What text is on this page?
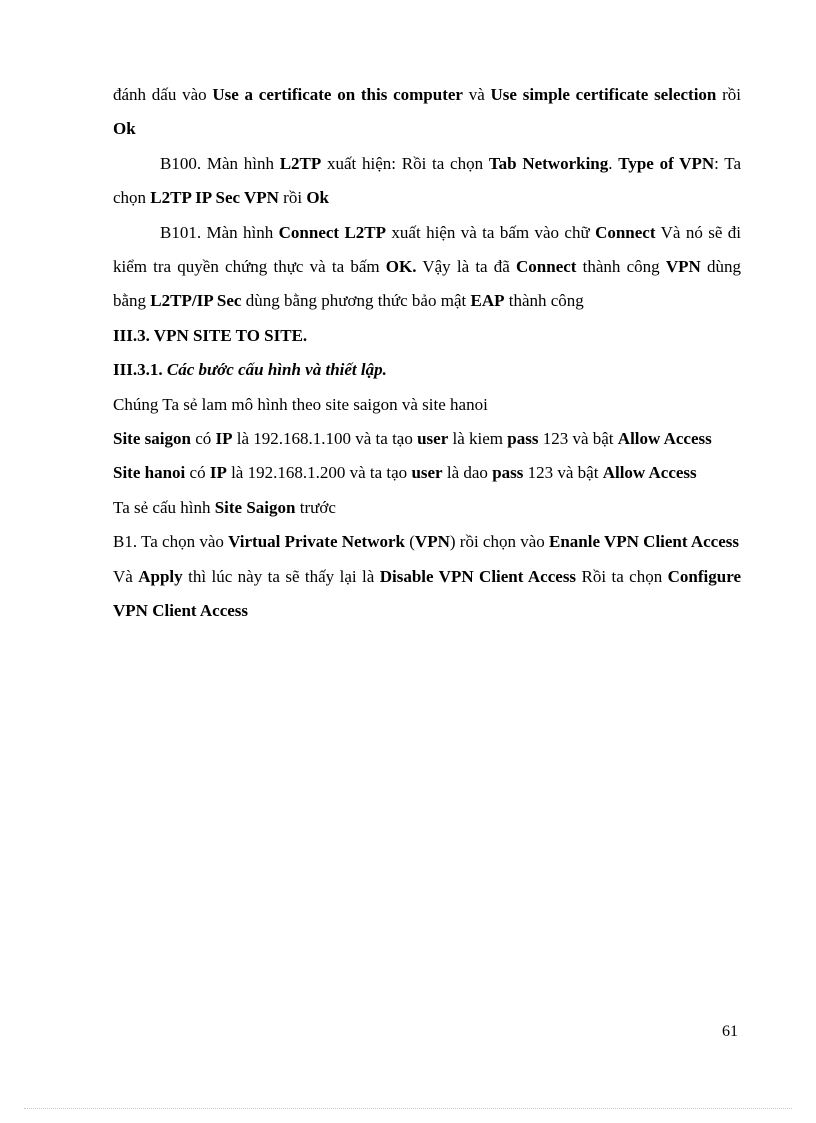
đánh dấu vào Use a certificate on this computer và Use simple certificate selection rồi Ok

B100. Màn hình L2TP xuất hiện: Rồi ta chọn Tab Networking. Type of VPN: Ta chọn L2TP IP Sec VPN rồi Ok

B101. Màn hình Connect L2TP xuất hiện và ta bấm vào chữ Connect Và nó sẽ đi kiểm tra quyền chứng thực và ta bấm OK. Vậy là ta đã Connect thành công VPN dùng bằng L2TP/IP Sec dùng bằng phương thức bảo mật EAP thành công

III.3. VPN SITE TO SITE.

III.3.1. Các bước cấu hình và thiết lập.

Chúng Ta sẻ lam mô hình theo site saigon và site hanoi

Site saigon có IP là 192.168.1.100 và ta tạo user là kiem pass 123 và bật Allow Access

Site hanoi có IP là 192.168.1.200 và ta tạo user là dao pass 123 và bật Allow Access

Ta sẻ cấu hình Site Saigon trước

B1. Ta chọn vào Virtual Private Network (VPN) rồi chọn vào Enanle VPN Client Access

Và Apply thì lúc này ta sẽ thấy lại là Disable VPN Client Access Rồi ta chọn Configure VPN Client Access

61
